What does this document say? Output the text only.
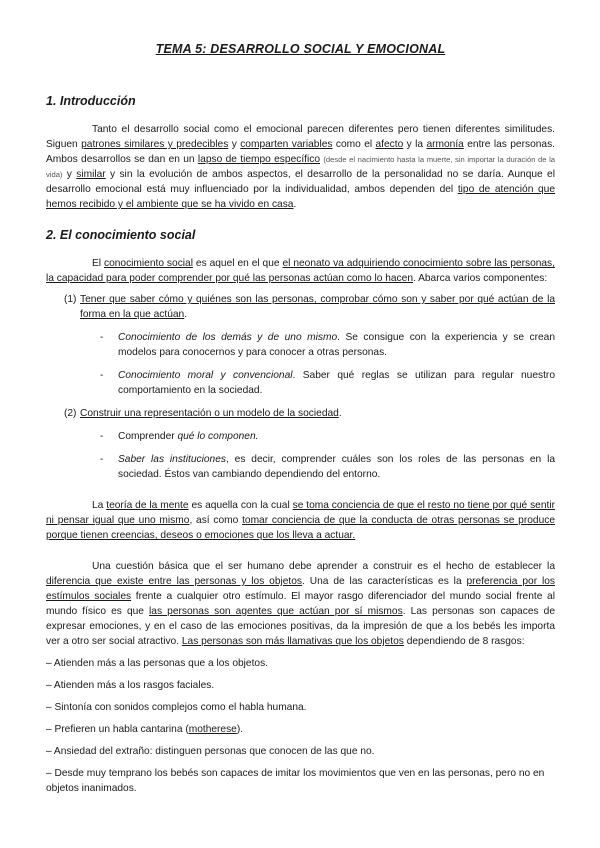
TEMA 5: DESARROLLO SOCIAL Y EMOCIONAL
1. Introducción

Tanto el desarrollo social como el emocional parecen diferentes pero tienen diferentes similitudes. Siguen patrones similares y predecibles y comparten variables como el afecto y la armonía entre las personas. Ambos desarrollos se dan en un lapso de tiempo específico (desde el nacimiento hasta la muerte, sin importar la duración de la vida) y similar y sin la evolución de ambos aspectos, el desarrollo de la personalidad no se daría. Aunque el desarrollo emocional está muy influenciado por la individualidad, ambos dependen del tipo de atención que hemos recibido y el ambiente que se ha vivido en casa.

2. El conocimiento social

El conocimiento social es aquel en el que el neonato va adquiriendo conocimiento sobre las personas, la capacidad para poder comprender por qué las personas actúan como lo hacen. Abarca varios componentes:

(1) Tener que saber cómo y quiénes son las personas, comprobar cómo son y saber por qué actúan de la forma en la que actúan.
-	Conocimiento de los demás y de uno mismo. Se consigue con la experiencia y se crean modelos para conocernos y para conocer a otras personas.
-	Conocimiento moral y convencional. Saber qué reglas se utilizan para regular nuestro comportamiento en la sociedad.
(2) Construir una representación o un modelo de la sociedad.
-	Comprender qué lo componen.
-	Saber las instituciones, es decir, comprender cuáles son los roles de las personas en la sociedad. Éstos van cambiando dependiendo del entorno.

La teoría de la mente es aquella con la cual se toma conciencia de que el resto no tiene por qué sentir ni pensar igual que uno mismo, así como tomar conciencia de que la conducta de otras personas se produce porque tienen creencias, deseos o emociones que los lleva a actuar.

Una cuestión básica que el ser humano debe aprender a construir es el hecho de establecer la diferencia que existe entre las personas y los objetos. Una de las características es la preferencia por los estímulos sociales frente a cualquier otro estímulo. El mayor rasgo diferenciador del mundo social frente al mundo físico es que las personas son agentes que actúan por sí mismos. Las personas son capaces de expresar emociones, y en el caso de las emociones positivas, da la impresión de que a los bebés les importa ver a otro ser social atractivo. Las personas son más llamativas que los objetos dependiendo de 8 rasgos:

– Atienden más a las personas que a los objetos.
– Atienden más a los rasgos faciales.
– Sintonía con sonidos complejos como el habla humana.
– Prefieren un habla cantarina (motherese).
– Ansiedad del extraño: distinguen personas que conocen de las que no.
– Desde muy temprano los bebés son capaces de imitar los movimientos que ven en las personas, pero no en objetos inanimados.
